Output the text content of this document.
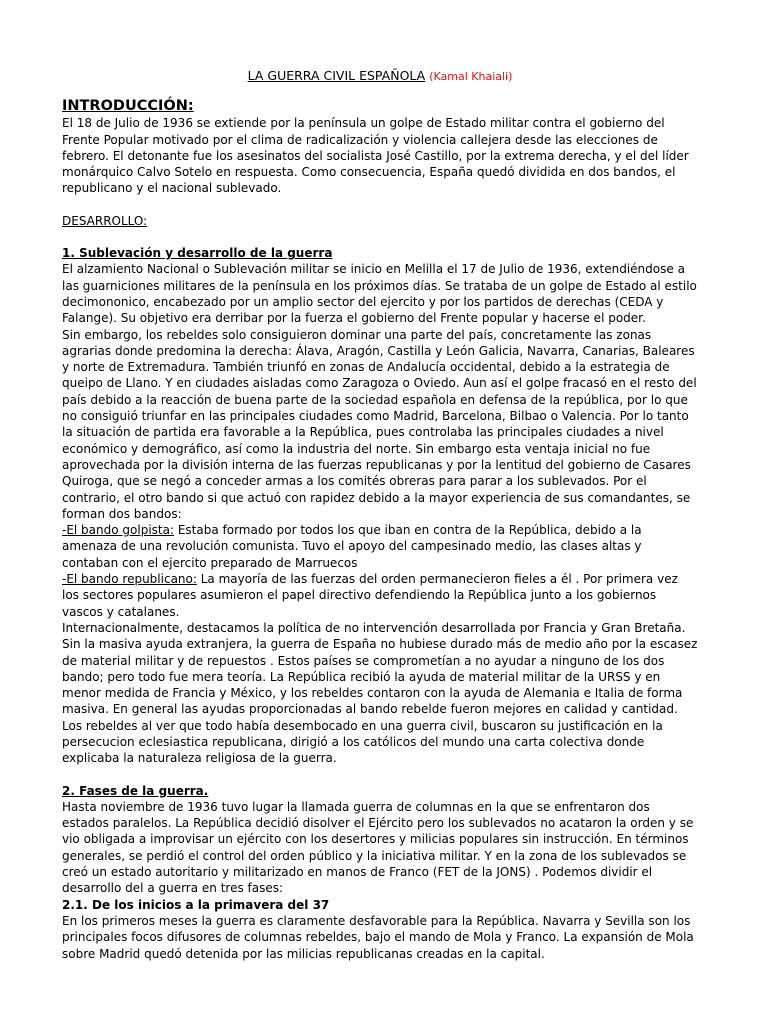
LA GUERRA CIVIL ESPAÑOLA (Kamal Khaiali)
INTRODUCCIÓN:

El 18 de Julio de 1936 se extiende por la península un golpe de Estado militar contra el gobierno del Frente Popular motivado por el clima de radicalización y violencia callejera desde las elecciones de febrero. El detonante fue los asesinatos del socialista José Castillo, por la extrema derecha, y el del líder monárquico Calvo Sotelo en respuesta. Como consecuencia, España quedó dividida en dos bandos, el republicano y el nacional sublevado.

DESARROLLO:

1. Sublevación y desarrollo de la guerra

El alzamiento Nacional o Sublevación militar se inicio en Melilla el 17 de Julio de 1936, extendiéndose a las guarniciones militares de la península en los próximos días. Se trataba de un golpe de Estado al estilo decimononico, encabezado por un amplio sector del ejercito y por los partidos de derechas (CEDA y Falange). Su objetivo era derribar por la fuerza el gobierno del Frente popular y hacerse el poder.

Sin embargo, los rebeldes solo consiguieron dominar una parte del país, concretamente las zonas agrarias donde predomina la derecha: Álava, Aragón, Castilla y León Galicia, Navarra, Canarias, Baleares y norte de Extremadura. También triunfó en zonas de Andalucía occidental, debido a la estrategia de queipo de Llano. Y en ciudades aisladas como Zaragoza o Oviedo. Aun así el golpe fracasó en el resto del país debido a la reacción de buena parte de la sociedad española en defensa de la república, por lo que no consiguió triunfar en las principales ciudades como Madrid, Barcelona, Bilbao o Valencia. Por lo tanto la situación de partida era favorable a la República, pues controlaba las principales ciudades a nivel económico y demográfico, así como la industria del norte. Sin embargo esta ventaja inicial no fue aprovechada por la división interna de las fuerzas republicanas y por la lentitud del gobierno de Casares Quiroga, que se negó a conceder armas a los comités obreras para parar a los sublevados. Por el contrario, el otro bando si que actuó con rapidez debido a la mayor experiencia de sus comandantes, se forman dos bandos:

-El bando golpista: Estaba formado por todos los que iban en contra de la República, debido a la amenaza de una revolución comunista. Tuvo el apoyo del campesinado medio, las clases altas y contaban con el ejercito preparado de Marruecos

-El bando republicano: La mayoría de las fuerzas del orden permanecieron fieles a él . Por primera vez los sectores populares asumieron el papel directivo defendiendo la República junto a los gobiernos vascos y catalanes.

Internacionalmente, destacamos la política de no intervención desarrollada por Francia y Gran Bretaña.

Sin la masiva ayuda extranjera, la guerra de España no hubiese durado más de medio año por la escasez de material militar y de repuestos . Estos países se comprometían a no ayudar a ninguno de los dos bando; pero todo fue mera teoría. La República recibió la ayuda de material militar de la URSS y en menor medida de Francia y México, y los rebeldes contaron con la ayuda de Alemania e Italia de forma masiva. En general las ayudas proporcionadas al bando rebelde fueron mejores en calidad y cantidad.

Los rebeldes al ver que todo había desembocado en una guerra civil, buscaron su justificación en la persecucion eclesiastica republicana, dirigió a los católicos del mundo una carta colectiva donde explicaba la naturaleza religiosa de la guerra.

2. Fases de la guerra.

Hasta noviembre de 1936 tuvo lugar la llamada guerra de columnas en la que se enfrentaron dos estados paralelos. La República decidió disolver el Ejército pero los sublevados no acataron la orden y se vio obligada a improvisar un ejército con los desertores y milicias populares sin instrucción. En términos generales, se perdió el control del orden público y la iniciativa militar. Y en la zona de los sublevados se creó un estado autoritario y militarizado en manos de Franco (FET de la JONS) . Podemos dividir el desarrollo del a guerra en tres fases:

2.1. De los inicios a la primavera del 37

En los primeros meses la guerra es claramente desfavorable para la República. Navarra y Sevilla son los principales focos difusores de columnas rebeldes, bajo el mando de Mola y Franco. La expansión de Mola sobre Madrid quedó detenida por las milicias republicanas creadas en la capital.
